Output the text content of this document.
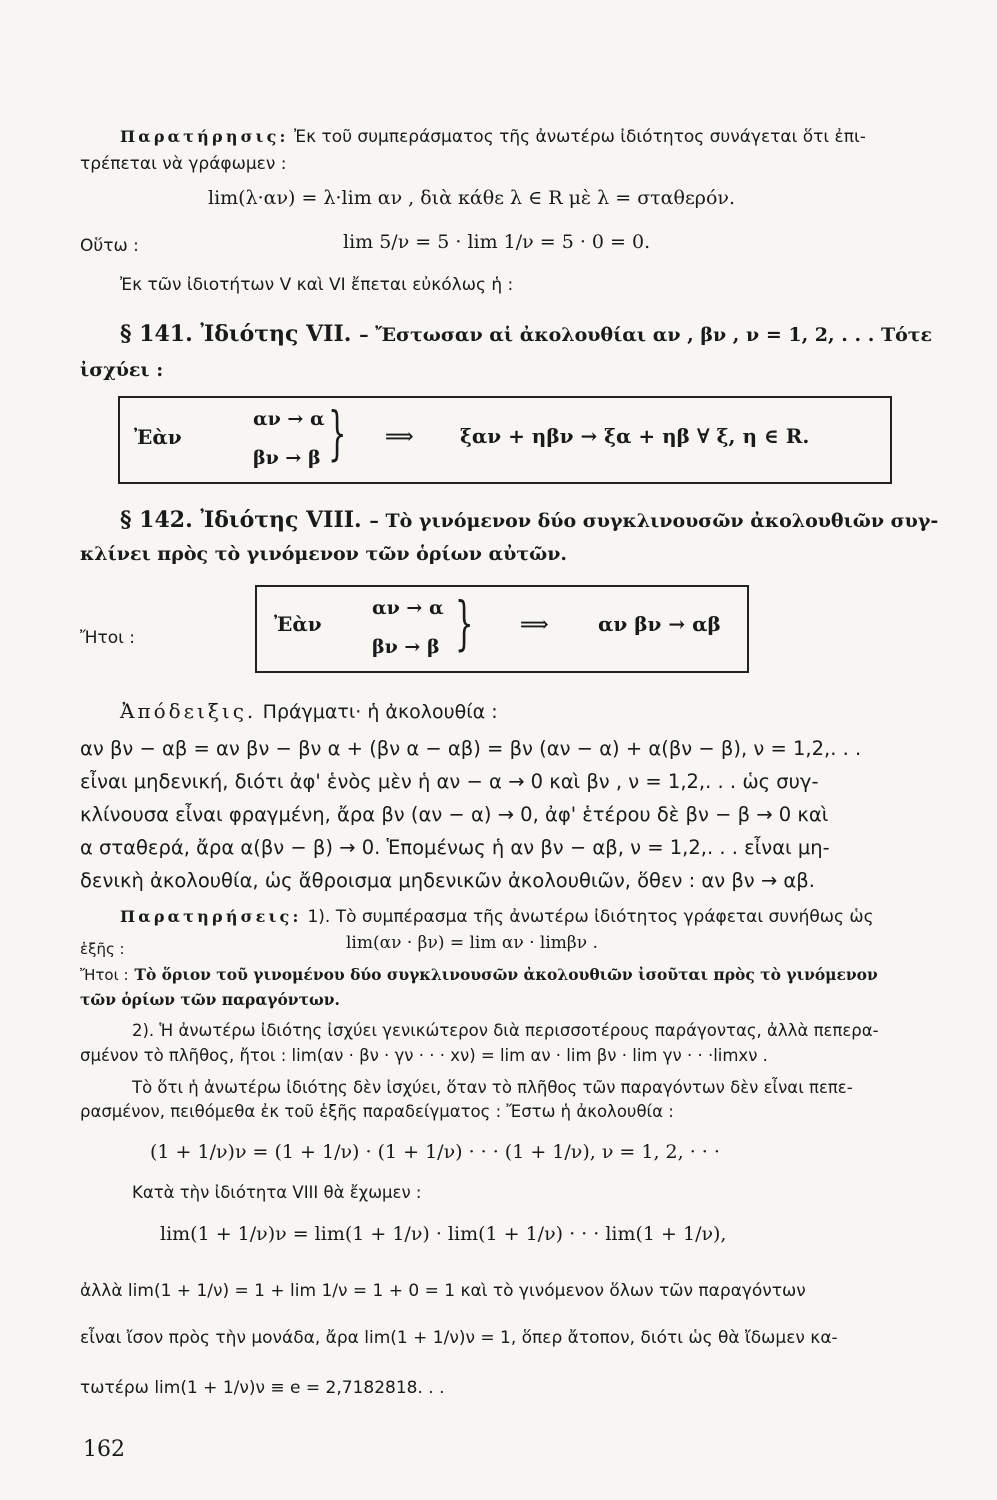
Παρατήρησις: Ἐκ τοῦ συμπεράσματος τῆς ἀνωτέρω ἰδιότητος συνάγεται ὅτι ἐπι-
τρέπεται νὰ γράφωμεν :
lim(λ·αν) = λ·lim αν , διὰ κάθε λ ∈ R μὲ λ = σταθερόν.
Οὕτω :	lim 5/ν = 5 · lim 1/ν = 5 · 0 = 0.
Ἐκ τῶν ἰδιοτήτων V καὶ VI ἔπεται εὐκόλως ἡ :
§ 141. Ἰδιότης VII. – Ἔστωσαν αἱ ἀκολουθίαι αν , βν , ν = 1, 2, . . . Τότε
ἰσχύει :
Ἐὰν
αν → α
βν → β } ⟹ ξαν + ηβν → ξα + ηβ ∀ ξ, η ∈ R.
§ 142. Ἰδιότης VIII. – Τὸ γινόμενον δύο συγκλινουσῶν ἀκολουθιῶν συγ-
κλίνει πρὸς τὸ γινόμενον τῶν ὁρίων αὐτῶν.
Ἤτοι :
Ἐὰν
αν → α
βν → β } ⟹ αν βν → αβ
Ἀπόδειξις. Πράγματι· ἡ ἀκολουθία :
αν βν − αβ = αν βν − βν α + (βν α − αβ) = βν (αν − α) + α(βν − β), ν = 1,2,. . .
εἶναι μηδενική, διότι ἀφ' ἑνὸς μὲν ἡ αν − α → 0 καὶ βν , ν = 1,2,. . . ὡς συγ-
κλίνουσα εἶναι φραγμένη, ἄρα βν (αν − α) → 0, ἀφ' ἑτέρου δὲ βν − β → 0 καὶ
α σταθερά, ἄρα α(βν − β) → 0. Ἑπομένως ἡ αν βν − αβ, ν = 1,2,. . . εἶναι μη-
δενικὴ ἀκολουθία, ὡς ἄθροισμα μηδενικῶν ἀκολουθιῶν, ὅθεν : αν βν → αβ.
Παρατηρήσεις: 1). Τὸ συμπέρασμα τῆς ἀνωτέρω ἰδιότητος γράφεται συνήθως ὡς
ἑξῆς :	lim(αν · βν) = lim αν · limβν .
Ἤτοι : Τὸ ὅριον τοῦ γινομένου δύο συγκλινουσῶν ἀκολουθιῶν ἰσοῦται πρὸς τὸ γινόμενον
τῶν ὁρίων τῶν παραγόντων.
2). Ἡ ἀνωτέρω ἰδιότης ἰσχύει γενικώτερον διὰ περισσοτέρους παράγοντας, ἀλλὰ πεπερα-
σμένον τὸ πλῆθος, ἤτοι : lim(αν · βν · γν · · · xν) = lim αν · lim βν · lim γν · · ·limxν .
Τὸ ὅτι ἡ ἀνωτέρω ἰδιότης δὲν ἰσχύει, ὅταν τὸ πλῆθος τῶν παραγόντων δὲν εἶναι πεπε-
ρασμένον, πειθόμεθα ἐκ τοῦ ἑξῆς παραδείγματος : Ἔστω ἡ ἀκολουθία :
(1 + 1/ν)ν = (1 + 1/ν) · (1 + 1/ν) · · · (1 + 1/ν), ν = 1, 2, · · ·
Κατὰ τὴν ἰδιότητα VIII θὰ ἔχωμεν :
lim(1 + 1/ν)ν = lim(1 + 1/ν) · lim(1 + 1/ν) · · · lim(1 + 1/ν),
ἀλλὰ lim(1 + 1/ν) = 1 + lim 1/ν = 1 + 0 = 1 καὶ τὸ γινόμενον ὅλων τῶν παραγόντων
εἶναι ἴσον πρὸς τὴν μονάδα, ἄρα lim(1 + 1/ν)ν = 1, ὅπερ ἄτοπον, διότι ὡς θὰ ἴδωμεν κα-
τωτέρω lim(1 + 1/ν)ν ≡ e = 2,7182818. . .
162
